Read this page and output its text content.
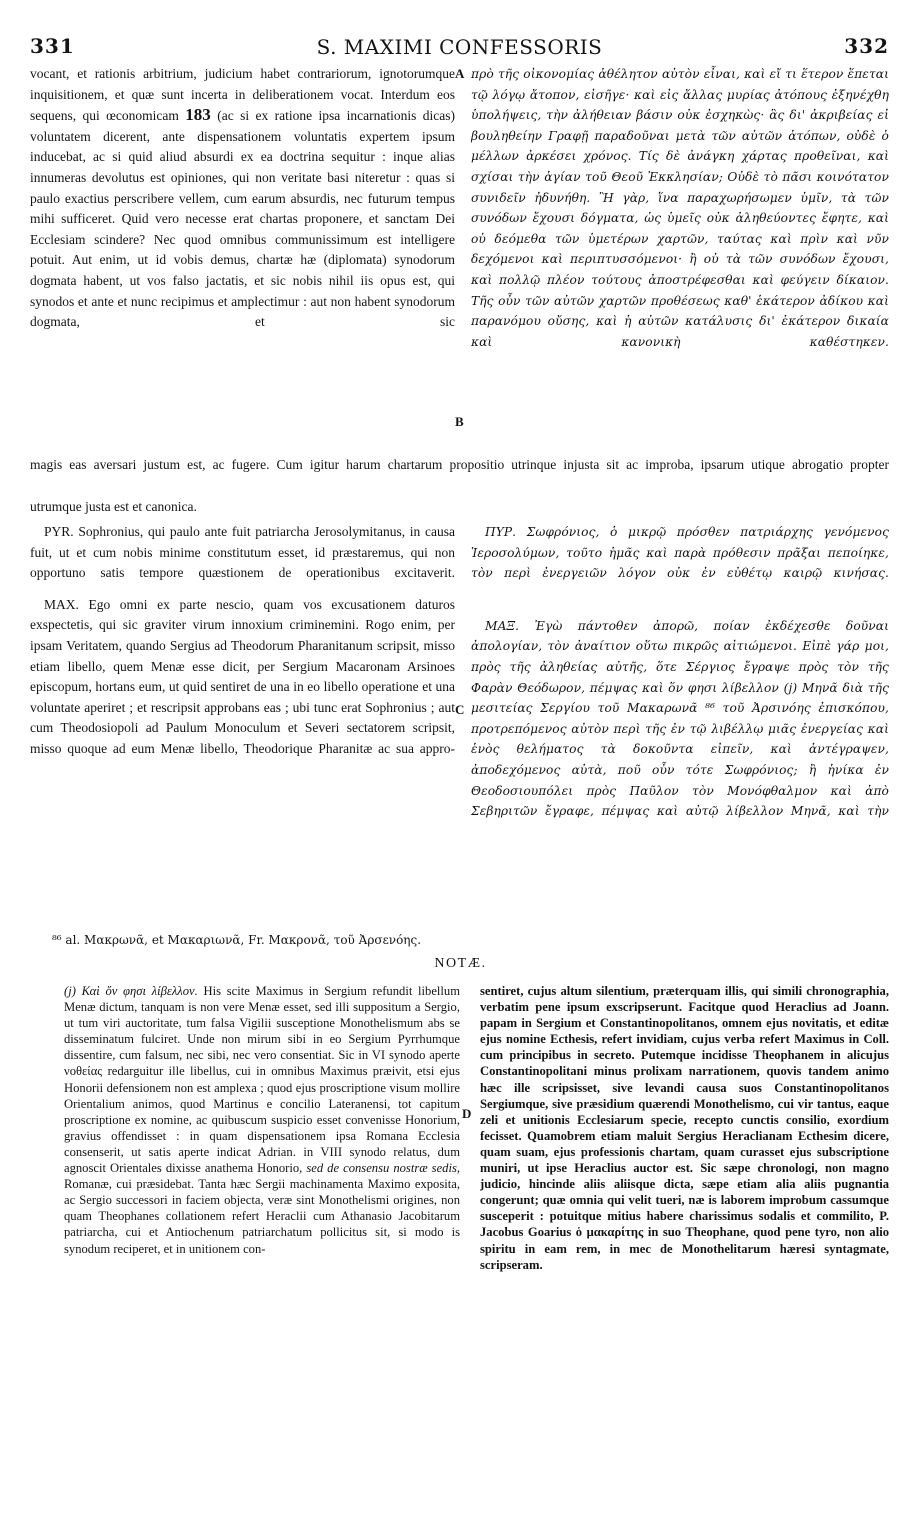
331	S. MAXIMI CONFESSORIS	332

vocant, et rationis arbitrium, judicium habet contrariorum, ignotorumque inquisitionem, et quæ sunt incerta in deliberationem vocat. Interdum eos sequens, qui œconomicam 183 (ac si ex ratione ipsa incarnationis dicas) voluntatem dicerent, ante dispensationem voluntatis expertem ipsum inducebat, ac si quid aliud absurdi ex ea doctrina sequitur : inque alias innumeras devolutus est opiniones, qui non veritate basi niteretur : quas si paulo exactius perscribere vellem, cum earum absurdis, nec futurum tempus mihi sufficeret. Quid vero necesse erat chartas proponere, et sanctam Dei Ecclesiam scindere? Nec quod omnibus communissimum est intelligere potuit. Aut enim, ut id vobis demus, chartæ hæ (diplomata) synodorum dogmata habent, ut vos falso jactatis, et sic nobis nihil iis opus est, qui synodos et ante et nunc recipimus et amplectimur : aut non habent synodorum dogmata, et sic

πρὸ τῆς οἰκονομίας ἀθέλητον αὐτὸν εἶναι, καὶ εἴ τι ἕτερον ἕπεται τῷ λόγῳ ἄτοπον, εἰσῆγε· καὶ εἰς ἄλλας μυρίας ἀτόπους ἐξηνέχθη ὑπολήψεις, τὴν ἀλήθειαν βάσιν οὐκ ἐσχηκὼς· ἃς δι' ἀκριβείας εἰ βουληθείην Γραφῇ παραδοῦναι μετὰ τῶν αὐτῶν ἀτόπων, οὐδὲ ὁ μέλλων ἀρκέσει χρόνος. Τίς δὲ ἀνάγκη χάρτας προθεῖναι, καὶ σχίσαι τὴν ἁγίαν τοῦ Θεοῦ Ἐκκλησίαν; Οὐδὲ τὸ πᾶσι κοινότατον συνιδεῖν ἠδυνήθη. Ἢ γὰρ, ἵνα παραχωρήσωμεν ὑμῖν, τὰ τῶν συνόδων ἔχουσι δόγματα, ὡς ὑμεῖς οὐκ ἀληθεύοντες ἔφητε, καὶ οὐ δεόμεθα τῶν ὑμετέρων χαρτῶν, ταύτας καὶ πρὶν καὶ νῦν δεχόμενοι καὶ περιπτυσσόμενοι· ἢ οὐ τὰ τῶν συνόδων ἔχουσι, καὶ πολλῷ πλέον τούτους ἀποστρέφεσθαι καὶ φεύγειν δίκαιον. Τῆς οὖν τῶν αὐτῶν χαρτῶν προθέσεως καθ' ἑκάτερον ἀδίκου καὶ παρανόμου οὔσης, καὶ ἡ αὐτῶν κατάλυσις δι' ἑκάτερον δικαία καὶ κανονικὴ καθέστηκεν.

A
B
C
D
magis eas aversari justum est, ac fugere. Cum igitur harum chartarum propositio utrinque injusta sit ac improba, ipsarum utique abrogatio propter

utrumque justa est et canonica.

PYR. Sophronius, qui paulo ante fuit patriarcha Jerosolymitanus, in causa fuit, ut et cum nobis minime constitutum esset, id præstaremus, qui non opportuno satis tempore quæstionem de operationibus excitaverit.

MAX. Ego omni ex parte nescio, quam vos excusationem daturos exspectetis, qui sic graviter virum innoxium criminemini. Rogo enim, per ipsam Veritatem, quando Sergius ad Theodorum Pharanitanum scripsit, misso etiam libello, quem Menæ esse dicit, per Sergium Macaronam Arsinoes episcopum, hortans eum, ut quid sentiret de una in eo libello operatione et una voluntate aperiret ; et rescripsit approbans eas ; ubi tunc erat Sophronius ; aut cum Theodosiopoli ad Paulum Monoculum et Severi sectatorem scripsit, misso quoque ad eum Menæ libello, Theodorique Pharanitæ ac sua appro-

ΠΥΡ. Σωφρόνιος, ὁ μικρῷ πρόσθεν πατριάρχης γενόμενος Ἱεροσολύμων, τοῦτο ἡμᾶς καὶ παρὰ πρόθεσιν πρᾶξαι πεποίηκε, τὸν περὶ ἐνεργειῶν λόγον οὐκ ἐν εὐθέτῳ καιρῷ κινήσας.

ΜΑΞ. Ἐγὼ πάντοθεν ἀπορῶ, ποίαν ἐκδέχεσθε δοῦναι ἀπολογίαν, τὸν ἀναίτιον οὕτω πικρῶς αἰτιώμενοι. Εἰπὲ γάρ μοι, πρὸς τῆς ἀληθείας αὐτῆς, ὅτε Σέργιος ἔγραψε πρὸς τὸν τῆς Φαρὰν Θεόδωρον, πέμψας καὶ ὅν φησι λίβελλον (j) Μηνᾶ διὰ τῆς μεσιτείας Σεργίου τοῦ Μακαρωνᾶ ⁸⁶ τοῦ Ἀρσινόης ἐπισκόπου, προτρεπόμενος αὐτὸν περὶ τῆς ἐν τῷ λιβέλλῳ μιᾶς ἐνεργείας καὶ ἑνὸς θελήματος τὰ δοκοῦντα εἰπεῖν, καὶ ἀντέγραψεν, ἀποδεχόμενος αὐτὰ, ποῦ οὖν τότε Σωφρόνιος; ἢ ἡνίκα ἐν Θεοδοσιουπόλει πρὸς Παῦλον τὸν Μονόφθαλμον καὶ ἀπὸ Σεβηριτῶν ἔγραφε, πέμψας καὶ αὐτῷ λίβελλον Μηνᾶ, καὶ τὴν

⁸⁶ al. Μακρωνᾶ, et Μακαριωνᾶ, Fr. Μακρονᾶ, τοῦ Ἀρσενόης.
NOTÆ.
(j) Καὶ ὅν φησι λίβελλον. His scite Maximus in Sergium refundit libellum Menæ dictum, tanquam is non vere Menæ esset, sed illi suppositum a Sergio, ut tum viri auctoritate, tum falsa Vigilii susceptione Monothelismum abs se disseminatum fulciret. Unde non mirum sibi in eo Sergium Pyrrhumque dissentire, cum falsum, nec sibi, nec vero consentiat. Sic in VI synodo aperte νοθείας redarguitur ille libellus, cui in omnibus Maximus præivit, etsi ejus Honorii defensionem non est amplexa ; quod ejus proscriptione visum mollire Orientalium animos, quod Martinus e concilio Lateranensi, tot capitum proscriptione ex nomine, ac quibuscum suspicio esset convenisse Honorium, gravius offendisset : in quam dispensationem ipsa Romana Ecclesia consenserit, ut satis aperte indicat Adrian. in VIII synodo relatus, dum agnoscit Orientales dixisse anathema Honorio, sed de consensu nostræ sedis, Romanæ, cui præsidebat. Tanta hæc Sergii machinamenta Maximo exposita, ac Sergio successori in faciem objecta, veræ sint Monothelismi origines, non quam Theophanes collationem refert Heraclii cum Athanasio Jacobitarum patriarcha, cui et Antiochenum patriarchatum pollicitus sit, si modo is synodum reciperet, et in unitionem con-
sentiret, cujus altum silentium, præterquam illis, qui simili chronographia, verbatim pene ipsum exscripserunt. Facitque quod Heraclius ad Joann. papam in Sergium et Constantinopolitanos, omnem ejus novitatis, et editæ ejus nomine Ecthesis, refert invidiam, cujus verba refert Maximus in Coll. cum principibus in secreto. Putemque incidisse Theophanem in alicujus Constantinopolitani minus prolixam narrationem, quovis tandem animo hæc ille scripsisset, sive levandi causa suos Constantinopolitanos Sergiumque, sive præsidium quærendi Monothelismo, cui vir tantus, eaque zeli et unitionis Ecclesiarum specie, recepto cunctis consilio, exordium fecisset. Quamobrem etiam maluit Sergius Heraclianam Ecthesim dicere, quam suam, ejus professionis chartam, quam curasset ejus subscriptione muniri, ut ipse Heraclius auctor est. Sic sæpe chronologi, non magno judicio, hincinde aliis aliisque dicta, sæpe etiam alia aliis pugnantia congerunt; quæ omnia qui velit tueri, næ is laborem improbum cassumque susceperit : potuitque mitius habere charissimus sodalis et commilito, P. Jacobus Goarius ὁ μακαρίτης in suo Theophane, quod pene tyro, non alio spiritu in eam rem, in mec de Monothelitarum hæresi syntagmate, scripseram.
